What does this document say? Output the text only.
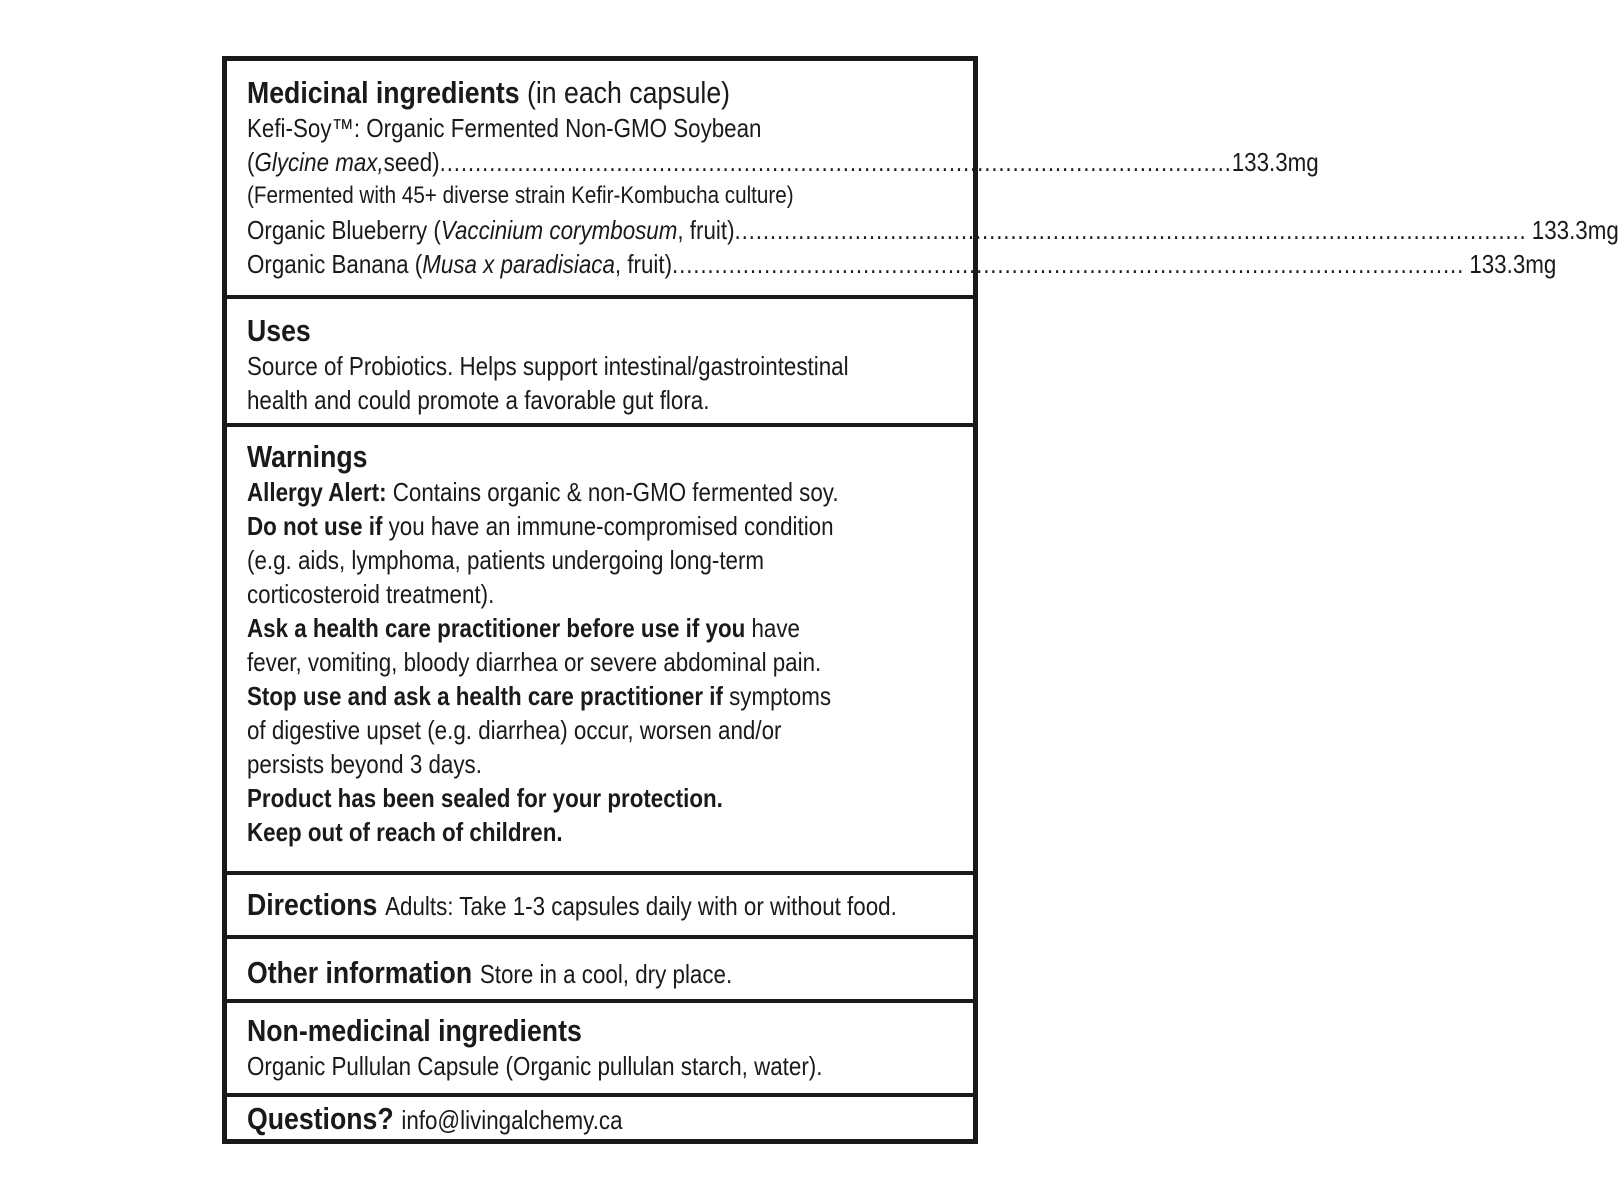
Medicinal ingredients (in each capsule)
Kefi-Soy™: Organic Fermented Non-GMO Soybean
( Glycine max, seed) ................................................................................................................ 133.3mg
(Fermented with 45+ diverse strain Kefir-Kombucha culture)
Organic Blueberry ( Vaccinium corymbosum , fruit) ................................................................................................................ 133.3mg
Organic Banana ( Musa x paradisiaca , fruit) ................................................................................................................ 133.3mg
Uses
Source of Probiotics. Helps support intestinal/gastrointestinal
health and could promote a favorable gut flora.
Warnings
Allergy Alert: Contains organic & non-GMO fermented soy.
Do not use if you have an immune-compromised condition
(e.g. aids, lymphoma, patients undergoing long-term
corticosteroid treatment).
Ask a health care practitioner before use if you have
fever, vomiting, bloody diarrhea or severe abdominal pain.
Stop use and ask a health care practitioner if symptoms
of digestive upset (e.g. diarrhea) occur, worsen and/or
persists beyond 3 days.
Product has been sealed for your protection.
Keep out of reach of children.
Directions Adults: Take 1-3 capsules daily with or without food.
Other information Store in a cool, dry place.
Non-medicinal ingredients
Organic Pullulan Capsule (Organic pullulan starch, water).
Questions? info@livingalchemy.ca
